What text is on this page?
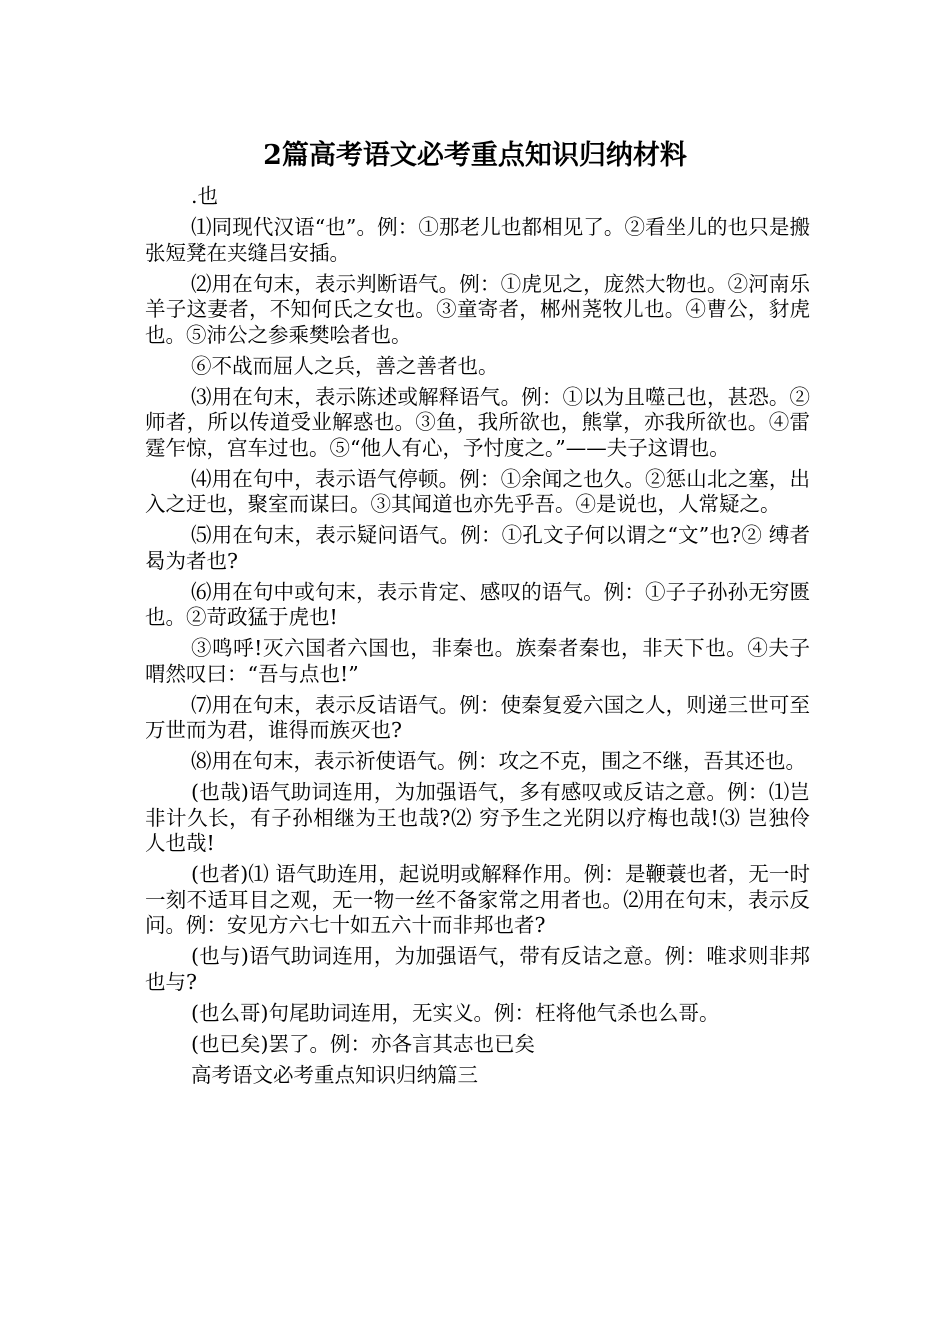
2篇高考语文必考重点知识归纳材料

.也

⑴同现代汉语“也”。例：①那老儿也都相见了。②看坐儿的也只是搬张短凳在夹缝吕安插。

⑵用在句末，表示判断语气。例：①虎见之，庞然大物也。②河南乐羊子这妻者，不知何氏之女也。③童寄者，郴州荛牧儿也。④曹公，豺虎也。⑤沛公之参乘樊哙者也。

⑥不战而屈人之兵，善之善者也。

⑶用在句末，表示陈述或解释语气。例：①以为且噬己也，甚恐。②师者，所以传道受业解惑也。③鱼，我所欲也，熊掌，亦我所欲也。④雷霆乍惊，宫车过也。⑤“他人有心，予忖度之。”——夫子这谓也。

⑷用在句中，表示语气停顿。例：①余闻之也久。②惩山北之塞，出入之迂也，聚室而谋曰。③其闻道也亦先乎吾。④是说也，人常疑之。

⑸用在句末，表示疑问语气。例：①孔文子何以谓之“文”也?② 缚者曷为者也?

⑹用在句中或句末，表示肯定、感叹的语气。例：①子子孙孙无穷匮也。②苛政猛于虎也!

③鸣呼!灭六国者六国也，非秦也。族秦者秦也，非天下也。④夫子喟然叹曰：“吾与点也!”

⑺用在句末，表示反诘语气。例：使秦复爱六国之人，则递三世可至万世而为君，谁得而族灭也?

⑻用在句末，表示祈使语气。例：攻之不克，围之不继，吾其还也。

(也哉)语气助词连用，为加强语气，多有感叹或反诘之意。例：⑴岂非计久长，有子孙相继为王也哉?⑵ 穷予生之光阴以疗梅也哉!⑶ 岂独伶人也哉!

(也者)⑴ 语气助连用，起说明或解释作用。例：是鞭蓑也者，无一时一刻不适耳目之观，无一物一丝不备家常之用者也。⑵用在句末，表示反问。例：安见方六七十如五六十而非邦也者?

(也与)语气助词连用，为加强语气，带有反诘之意。例：唯求则非邦也与?

(也么哥)句尾助词连用，无实义。例：枉将他气杀也么哥。

(也已矣)罢了。例：亦各言其志也已矣

高考语文必考重点知识归纳篇三
